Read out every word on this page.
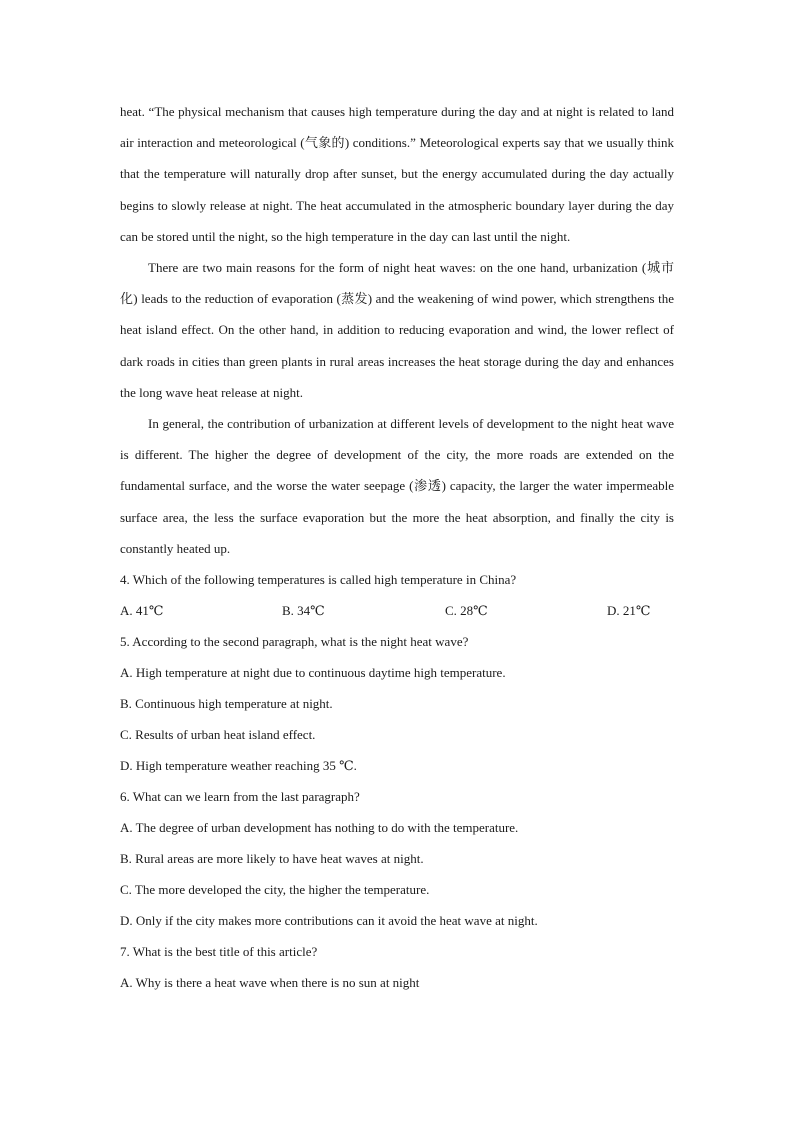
heat. “The physical mechanism that causes high temperature during the day and at night is related to land air interaction and meteorological (气象的) conditions.” Meteorological experts say that we usually think that the temperature will naturally drop after sunset, but the energy accumulated during the day actually begins to slowly release at night. The heat accumulated in the atmospheric boundary layer during the day can be stored until the night, so the high temperature in the day can last until the night.

There are two main reasons for the form of night heat waves: on the one hand, urbanization (城市化) leads to the reduction of evaporation (蒸发) and the weakening of wind power, which strengthens the heat island effect. On the other hand, in addition to reducing evaporation and wind, the lower reflect of dark roads in cities than green plants in rural areas increases the heat storage during the day and enhances the long wave heat release at night.

In general, the contribution of urbanization at different levels of development to the night heat wave is different. The higher the degree of development of the city, the more roads are extended on the fundamental surface, and the worse the water seepage (渗透) capacity, the larger the water impermeable surface area, the less the surface evaporation but the more the heat absorption, and finally the city is constantly heated up.

4. Which of the following temperatures is called high temperature in China?

A. 41℃	B. 34℃	C. 28℃	D. 21℃

5. According to the second paragraph, what is the night heat wave?

A. High temperature at night due to continuous daytime high temperature.

B. Continuous high temperature at night.

C. Results of urban heat island effect.

D. High temperature weather reaching 35 ℃.

6. What can we learn from the last paragraph?

A. The degree of urban development has nothing to do with the temperature.

B. Rural areas are more likely to have heat waves at night.

C. The more developed the city, the higher the temperature.

D. Only if the city makes more contributions can it avoid the heat wave at night.

7. What is the best title of this article?

A. Why is there a heat wave when there is no sun at night
